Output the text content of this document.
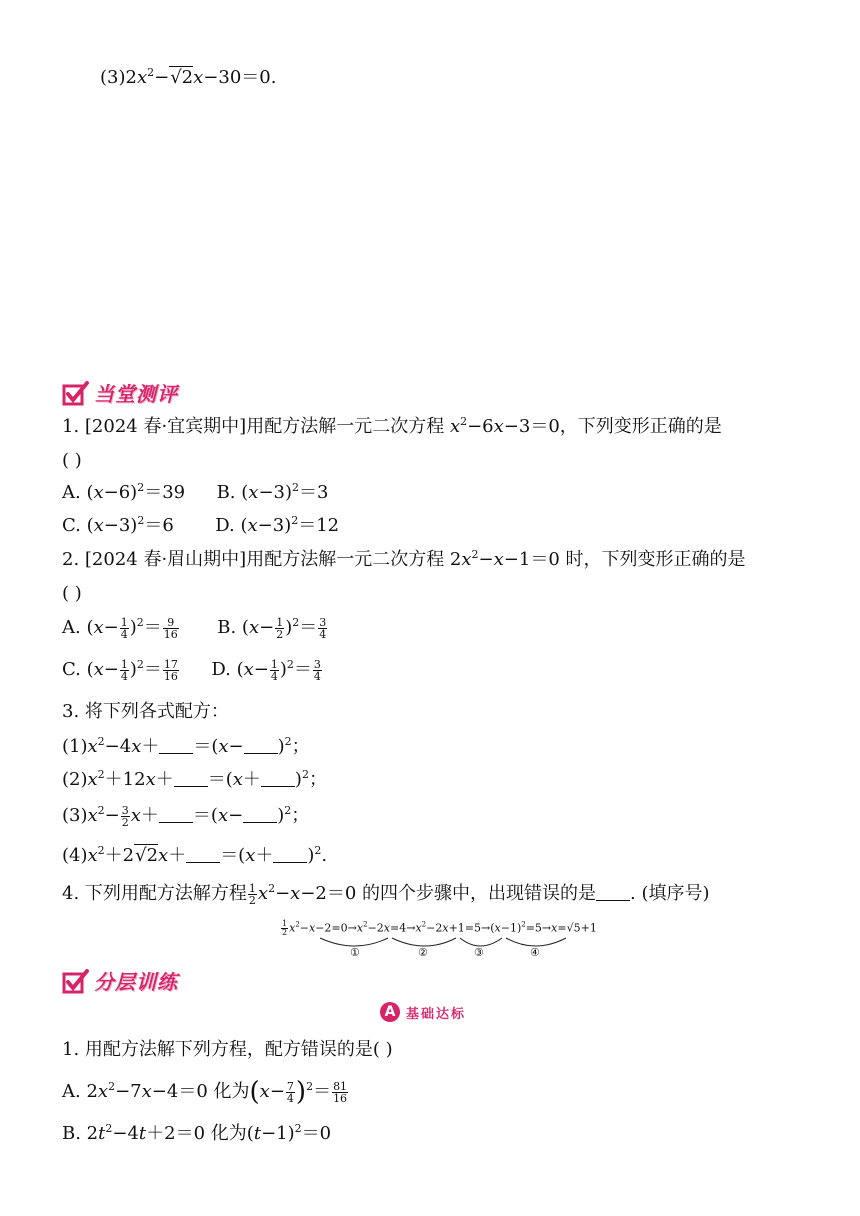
$(3)2x^2-√2x-30=0$.
当堂测评
1. [2024 春·宜宾期中]用配方法解一元二次方程 $x^2-6x-3=0$，下列变形正确的是
( )
A. $(x-6)^2=39$ B. $(x-3)^2=3$
C. $(x-3)^2=6$ D. $(x-3)^2=12$
2. [2024 春·眉山期中]用配方法解一元二次方程 $2x^2-x-1=0$ 时，下列变形正确的是
( )
A. $(x- \frac{1}{4} )^2= \frac{9}{16} B$. $(x- \frac{1}{2} )^2= \frac{3}{4}$
C. $(x- \frac{1}{4} )^2= \frac{17}{16} D$. $(x- \frac{1}{4} )^2= \frac{3}{4}$
3. 将下列各式配方：
$(1)x^2-4x+ =(x- )^2$；
$(2)x^2+12x+ =(x+ )^2$；
$(3)x^2- \frac{3}{2} x+ =(x- )^2$；
$(4)x^2+2√2x+ =(x+ )^2$.
4. 下列用配方法解方程 $\frac{1}{2} x^2-x-2=0$ 的四个步骤中，出现错误的是 . (填序号)
$\frac{1}{2} x^2-x-2=0\to x^2-2x=4\to x^2-2x+1=5\to(x-1)^2=5\to x=√5+1$
①	②	③	④
分层训练
A 基础达标
1. 用配方法解下列方程，配方错误的是( )
A. $2x^2-7x-4=0$ 化为$(x- \frac{7}{4} )^2= \frac{81}{16}$
B. $2t^2-4t+2=0$ 化为$(t-1)^2=0$
